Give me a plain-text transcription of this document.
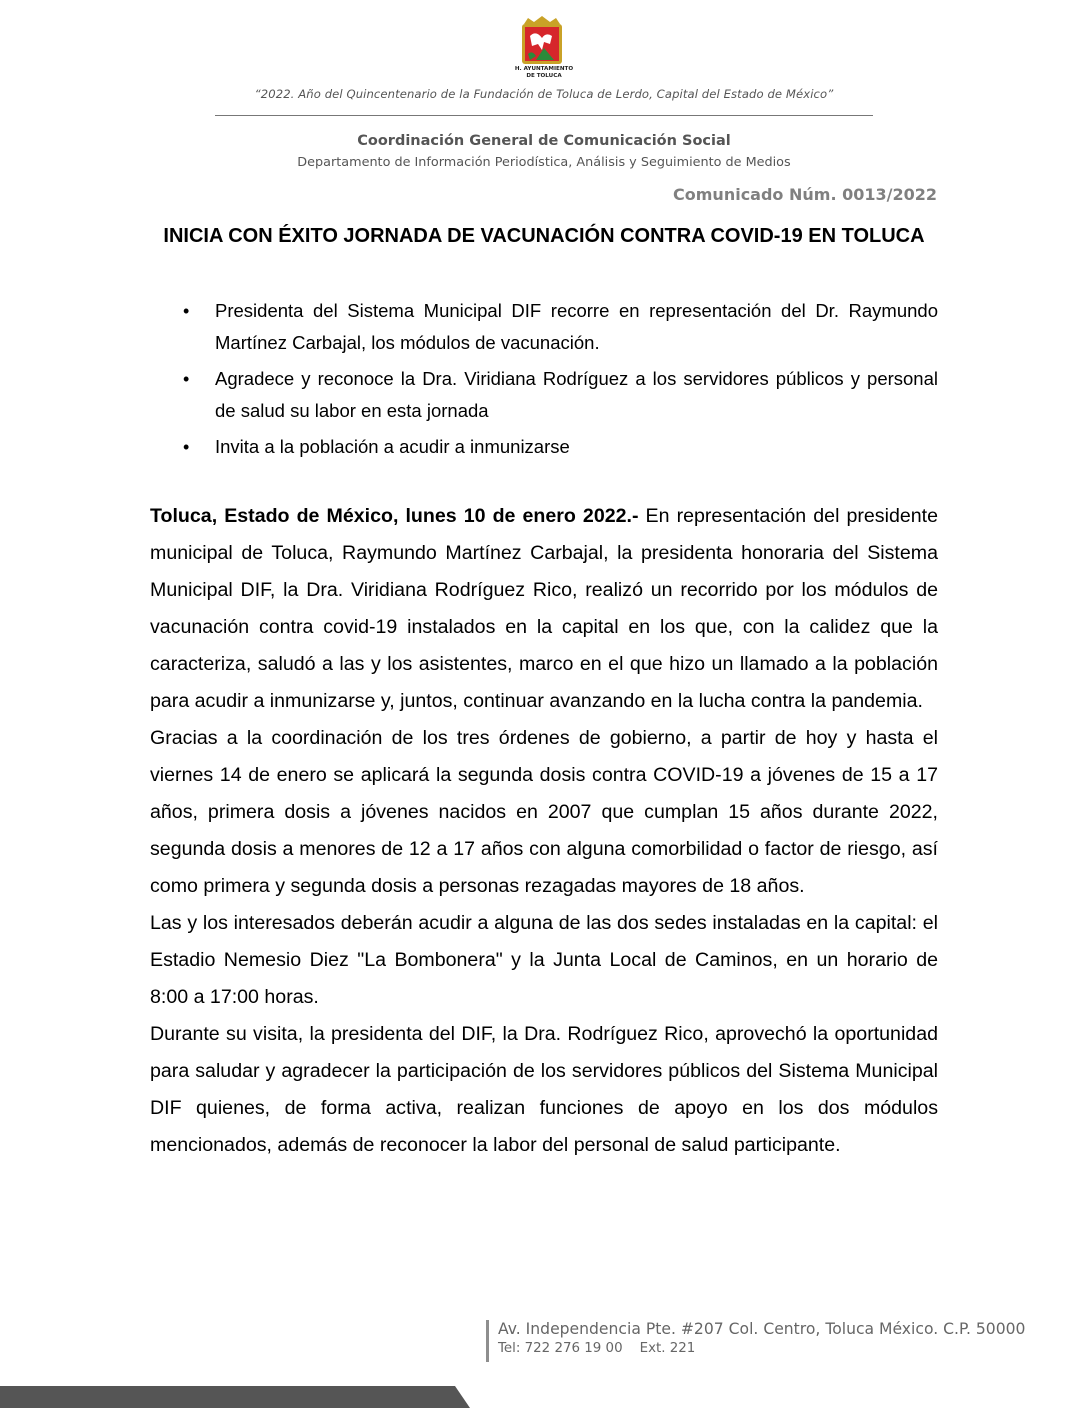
H. AYUNTAMIENTO
DE TOLUCA
“2022. Año del Quincentenario de la Fundación de Toluca de Lerdo, Capital del Estado de México”
Coordinación General de Comunicación Social
Departamento de Información Periodística, Análisis y Seguimiento de Medios
Comunicado Núm. 0013/2022
INICIA CON ÉXITO JORNADA DE VACUNACIÓN CONTRA COVID-19 EN TOLUCA
• Presidenta del Sistema Municipal DIF recorre en representación del Dr. Raymundo Martínez Carbajal, los módulos de vacunación.
• Agradece y reconoce la Dra. Viridiana Rodríguez a los servidores públicos y personal de salud su labor en esta jornada
• Invita a la población a acudir a inmunizarse

Toluca, Estado de México, lunes 10 de enero 2022.- En representación del presidente municipal de Toluca, Raymundo Martínez Carbajal, la presidenta honoraria del Sistema Municipal DIF, la Dra. Viridiana Rodríguez Rico, realizó un recorrido por los módulos de vacunación contra covid-19 instalados en la capital en los que, con la calidez que la caracteriza, saludó a las y los asistentes, marco en el que hizo un llamado a la población para acudir a inmunizarse y, juntos, continuar avanzando en la lucha contra la pandemia.

Gracias a la coordinación de los tres órdenes de gobierno, a partir de hoy y hasta el viernes 14 de enero se aplicará la segunda dosis contra COVID-19 a jóvenes de 15 a 17 años, primera dosis a jóvenes nacidos en 2007 que cumplan 15 años durante 2022, segunda dosis a menores de 12 a 17 años con alguna comorbilidad o factor de riesgo, así como primera y segunda dosis a personas rezagadas mayores de 18 años.

Las y los interesados deberán acudir a alguna de las dos sedes instaladas en la capital: el Estadio Nemesio Diez "La Bombonera" y la Junta Local de Caminos, en un horario de 8:00 a 17:00 horas.

Durante su visita, la presidenta del DIF, la Dra. Rodríguez Rico, aprovechó la oportunidad para saludar y agradecer la participación de los servidores públicos del Sistema Municipal DIF quienes, de forma activa, realizan funciones de apoyo en los dos módulos mencionados, además de reconocer la labor del personal de salud participante.

Av. Independencia Pte. #207 Col. Centro, Toluca México. C.P. 50000
Tel: 722 276 19 00    Ext. 221
